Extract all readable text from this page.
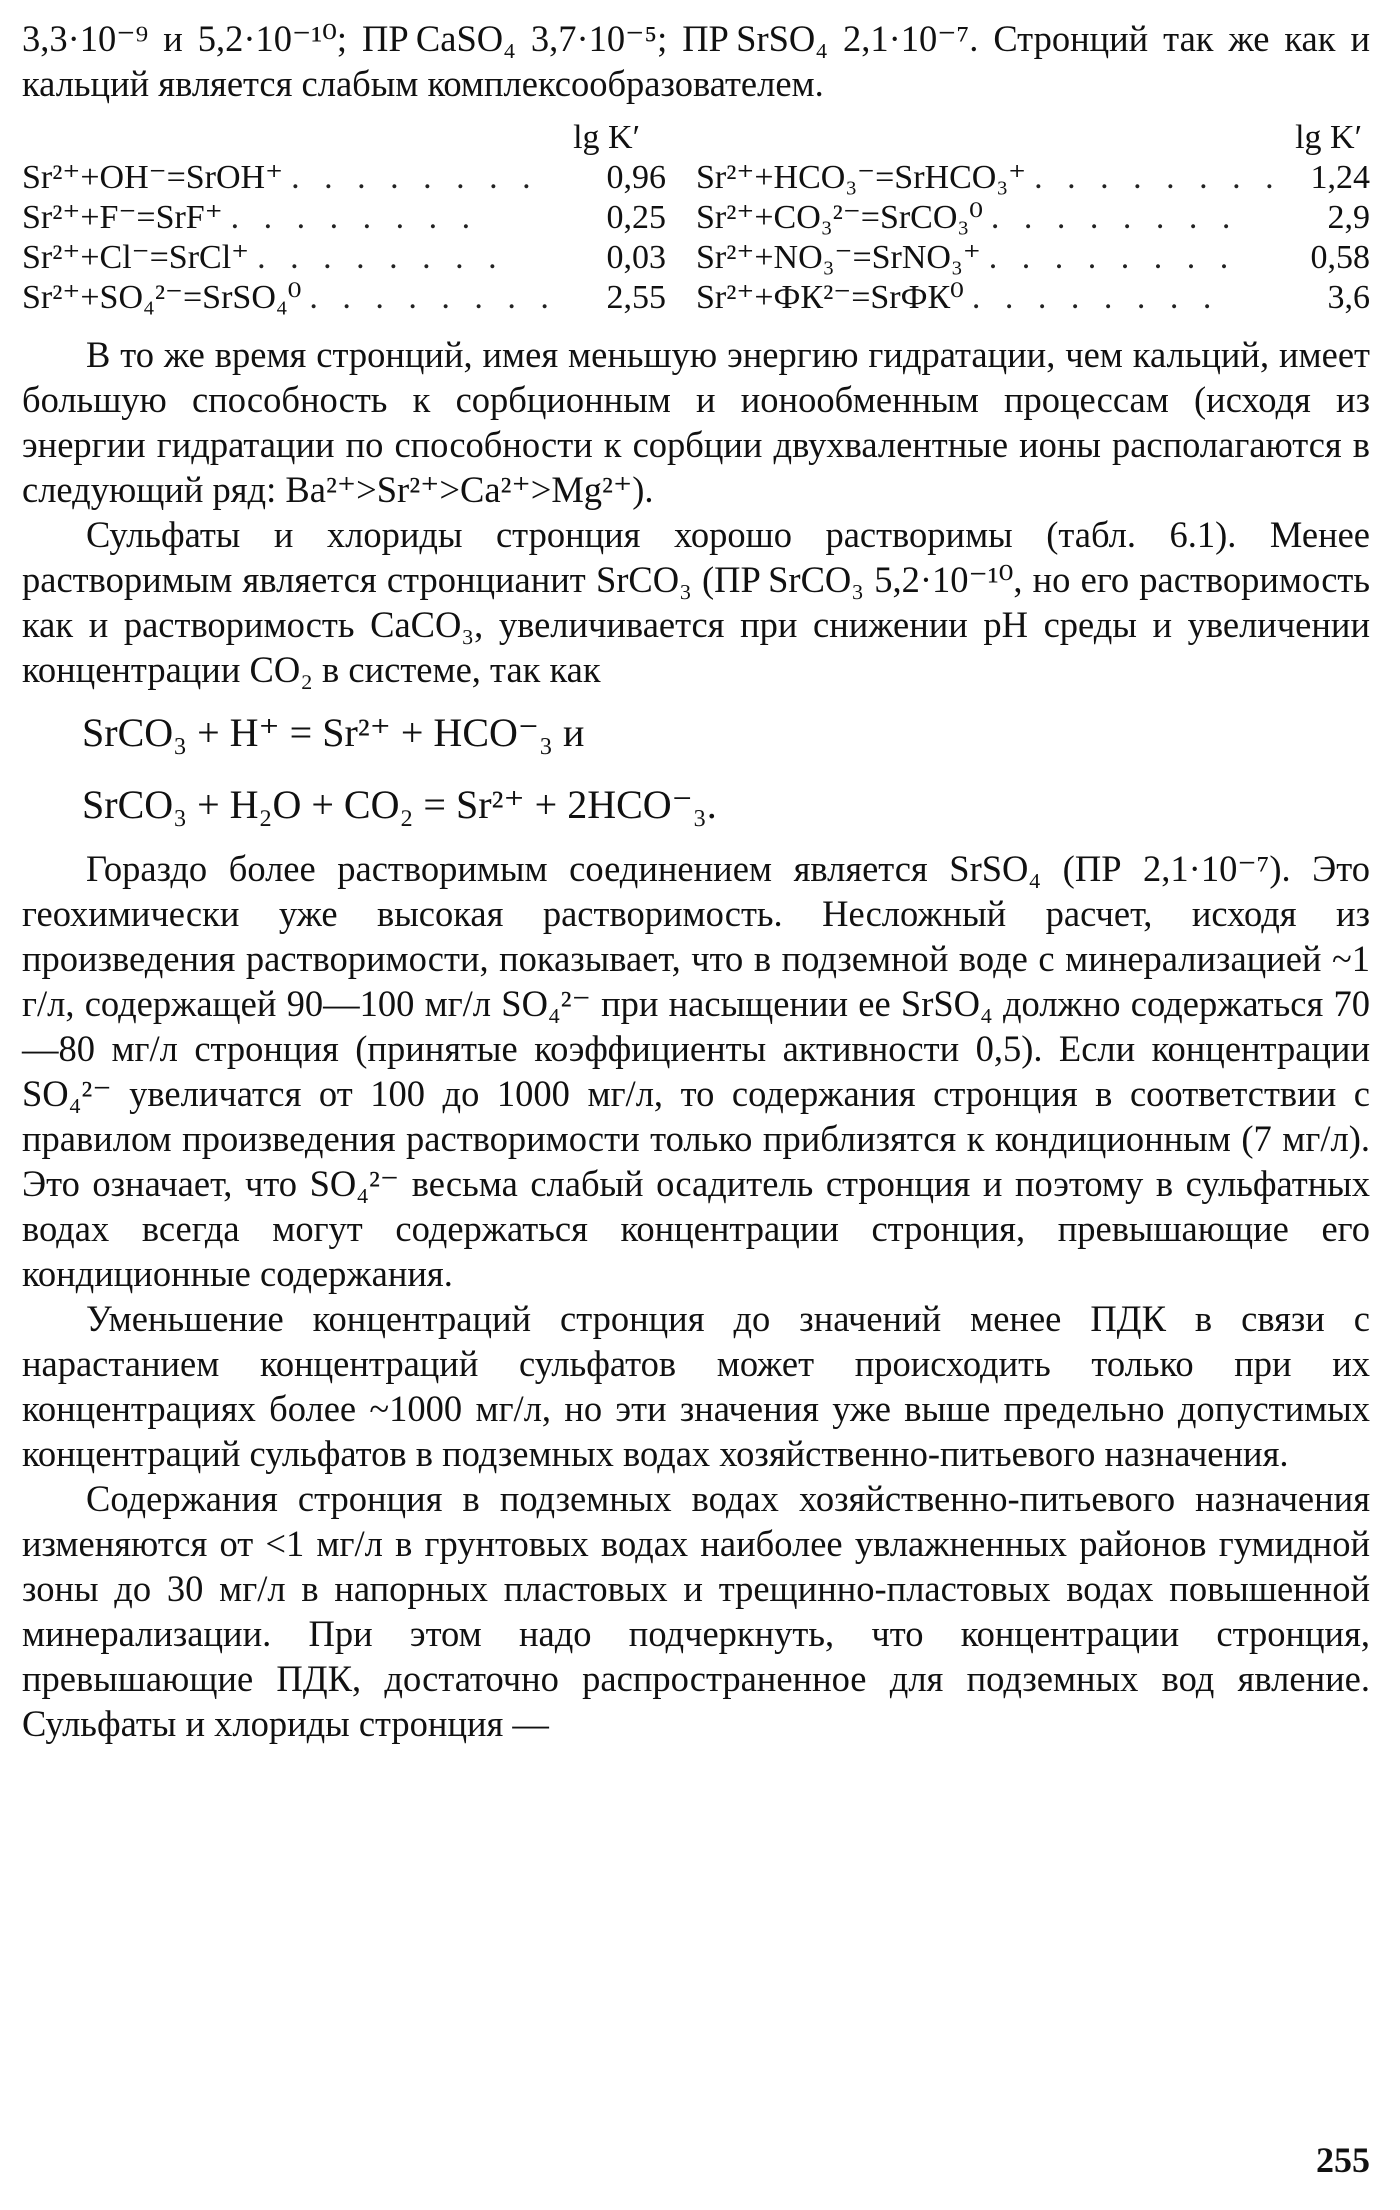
3,3·10⁻⁹ и 5,2·10⁻¹⁰; ПР CaSO₄ 3,7·10⁻⁵; ПР SrSO₄ 2,1·10⁻⁷. Стронций так же как и кальций является слабым комплексообразователем.

lg K′	lg K′
Sr²⁺+OH⁻=SrOH⁺ . . . . . . . .	0,96 Sr²⁺+HCO₃⁻=SrHCO₃⁺ . . . . . . . . 1,24
Sr²⁺+F⁻=SrF⁺ . . . . . . . .	0,25 Sr²⁺+CO₃²⁻=SrCO₃⁰ . . . . . . . .	2,9
Sr²⁺+Cl⁻=SrCl⁺ . . . . . . . .	0,03 Sr²⁺+NO₃⁻=SrNO₃⁺ . . . . . . . .	0,58
Sr²⁺+SO₄²⁻=SrSO₄⁰ . . . . . . . .	2,55 Sr²⁺+ФК²⁻=SrФК⁰ . . . . . . . .	3,6

В то же время стронций, имея меньшую энергию гидратации, чем кальций, имеет большую способность к сорбционным и ионообменным процессам (исходя из энергии гидратации по способности к сорбции двухвалентные ионы располагаются в следующий ряд: Ba²⁺>Sr²⁺>Ca²⁺>Mg²⁺).

Сульфаты и хлориды стронция хорошо растворимы (табл. 6.1). Менее растворимым является стронцианит SrCO₃ (ПР SrCO₃ 5,2·10⁻¹⁰, но его растворимость как и растворимость CaCO₃, увеличивается при снижении pH среды и увеличении концентрации CO₂ в системе, так как

SrCO₃ + H⁺ = Sr²⁺ + HCO⁻₃ и
SrCO₃ + H₂O + CO₂ = Sr²⁺ + 2HCO⁻₃.

Гораздо более растворимым соединением является SrSO₄ (ПР 2,1·10⁻⁷). Это геохимически уже высокая растворимость. Несложный расчет, исходя из произведения растворимости, показывает, что в подземной воде с минерализацией ~1 г/л, содержащей 90—100 мг/л SO₄²⁻ при насыщении ее SrSO₄ должно содержаться 70—80 мг/л стронция (принятые коэффициенты активности 0,5). Если концентрации SO₄²⁻ увеличатся от 100 до 1000 мг/л, то содержания стронция в соответствии с правилом произведения растворимости только приблизятся к кондиционным (7 мг/л). Это означает, что SO₄²⁻ весьма слабый осадитель стронция и поэтому в сульфатных водах всегда могут содержаться концентрации стронция, превышающие его кондиционные содержания.

Уменьшение концентраций стронция до значений менее ПДК в связи с нарастанием концентраций сульфатов может происходить только при их концентрациях более ~1000 мг/л, но эти значения уже выше предельно допустимых концентраций сульфатов в подземных водах хозяйственно-питьевого назначения.

Содержания стронция в подземных водах хозяйственно-питьевого назначения изменяются от <1 мг/л в грунтовых водах наиболее увлажненных районов гумидной зоны до 30 мг/л в напорных пластовых и трещинно-пластовых водах повышенной минерализации. При этом надо подчеркнуть, что концентрации стронция, превышающие ПДК, достаточно распространенное для подземных вод явление. Сульфаты и хлориды стронция —

255
